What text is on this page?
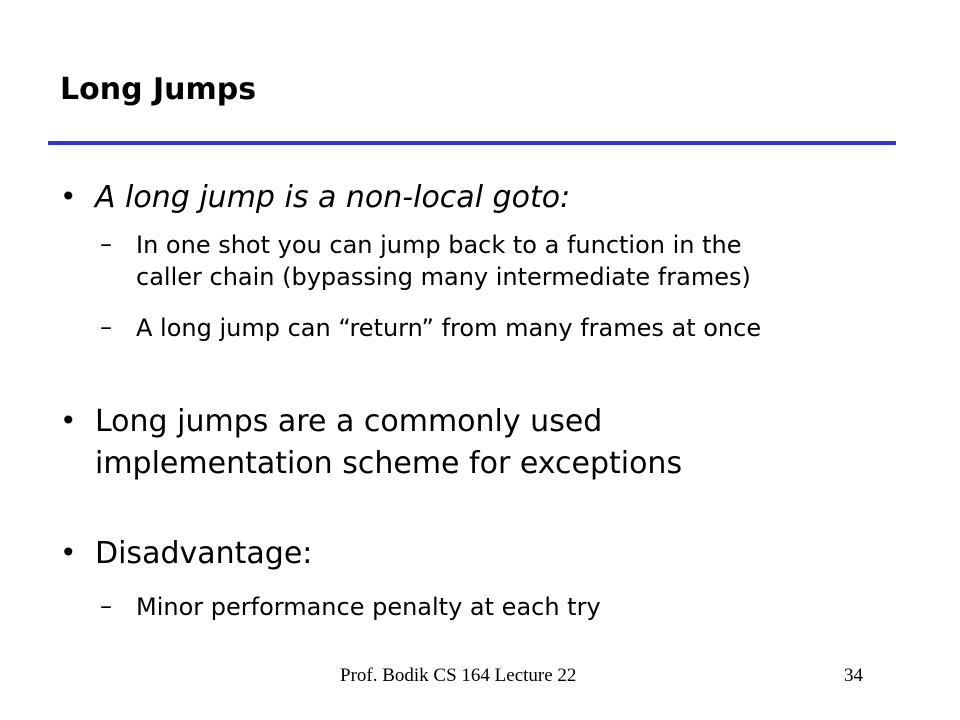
Long Jumps
• A long jump is a non-local goto:
– In one shot you can jump back to a function in the
caller chain (bypassing many intermediate frames)
– A long jump can “return” from many frames at once
• Long jumps are a commonly used
implementation scheme for exceptions
• Disadvantage:
– Minor performance penalty at each try
Prof. Bodik CS 164 Lecture 22	34
